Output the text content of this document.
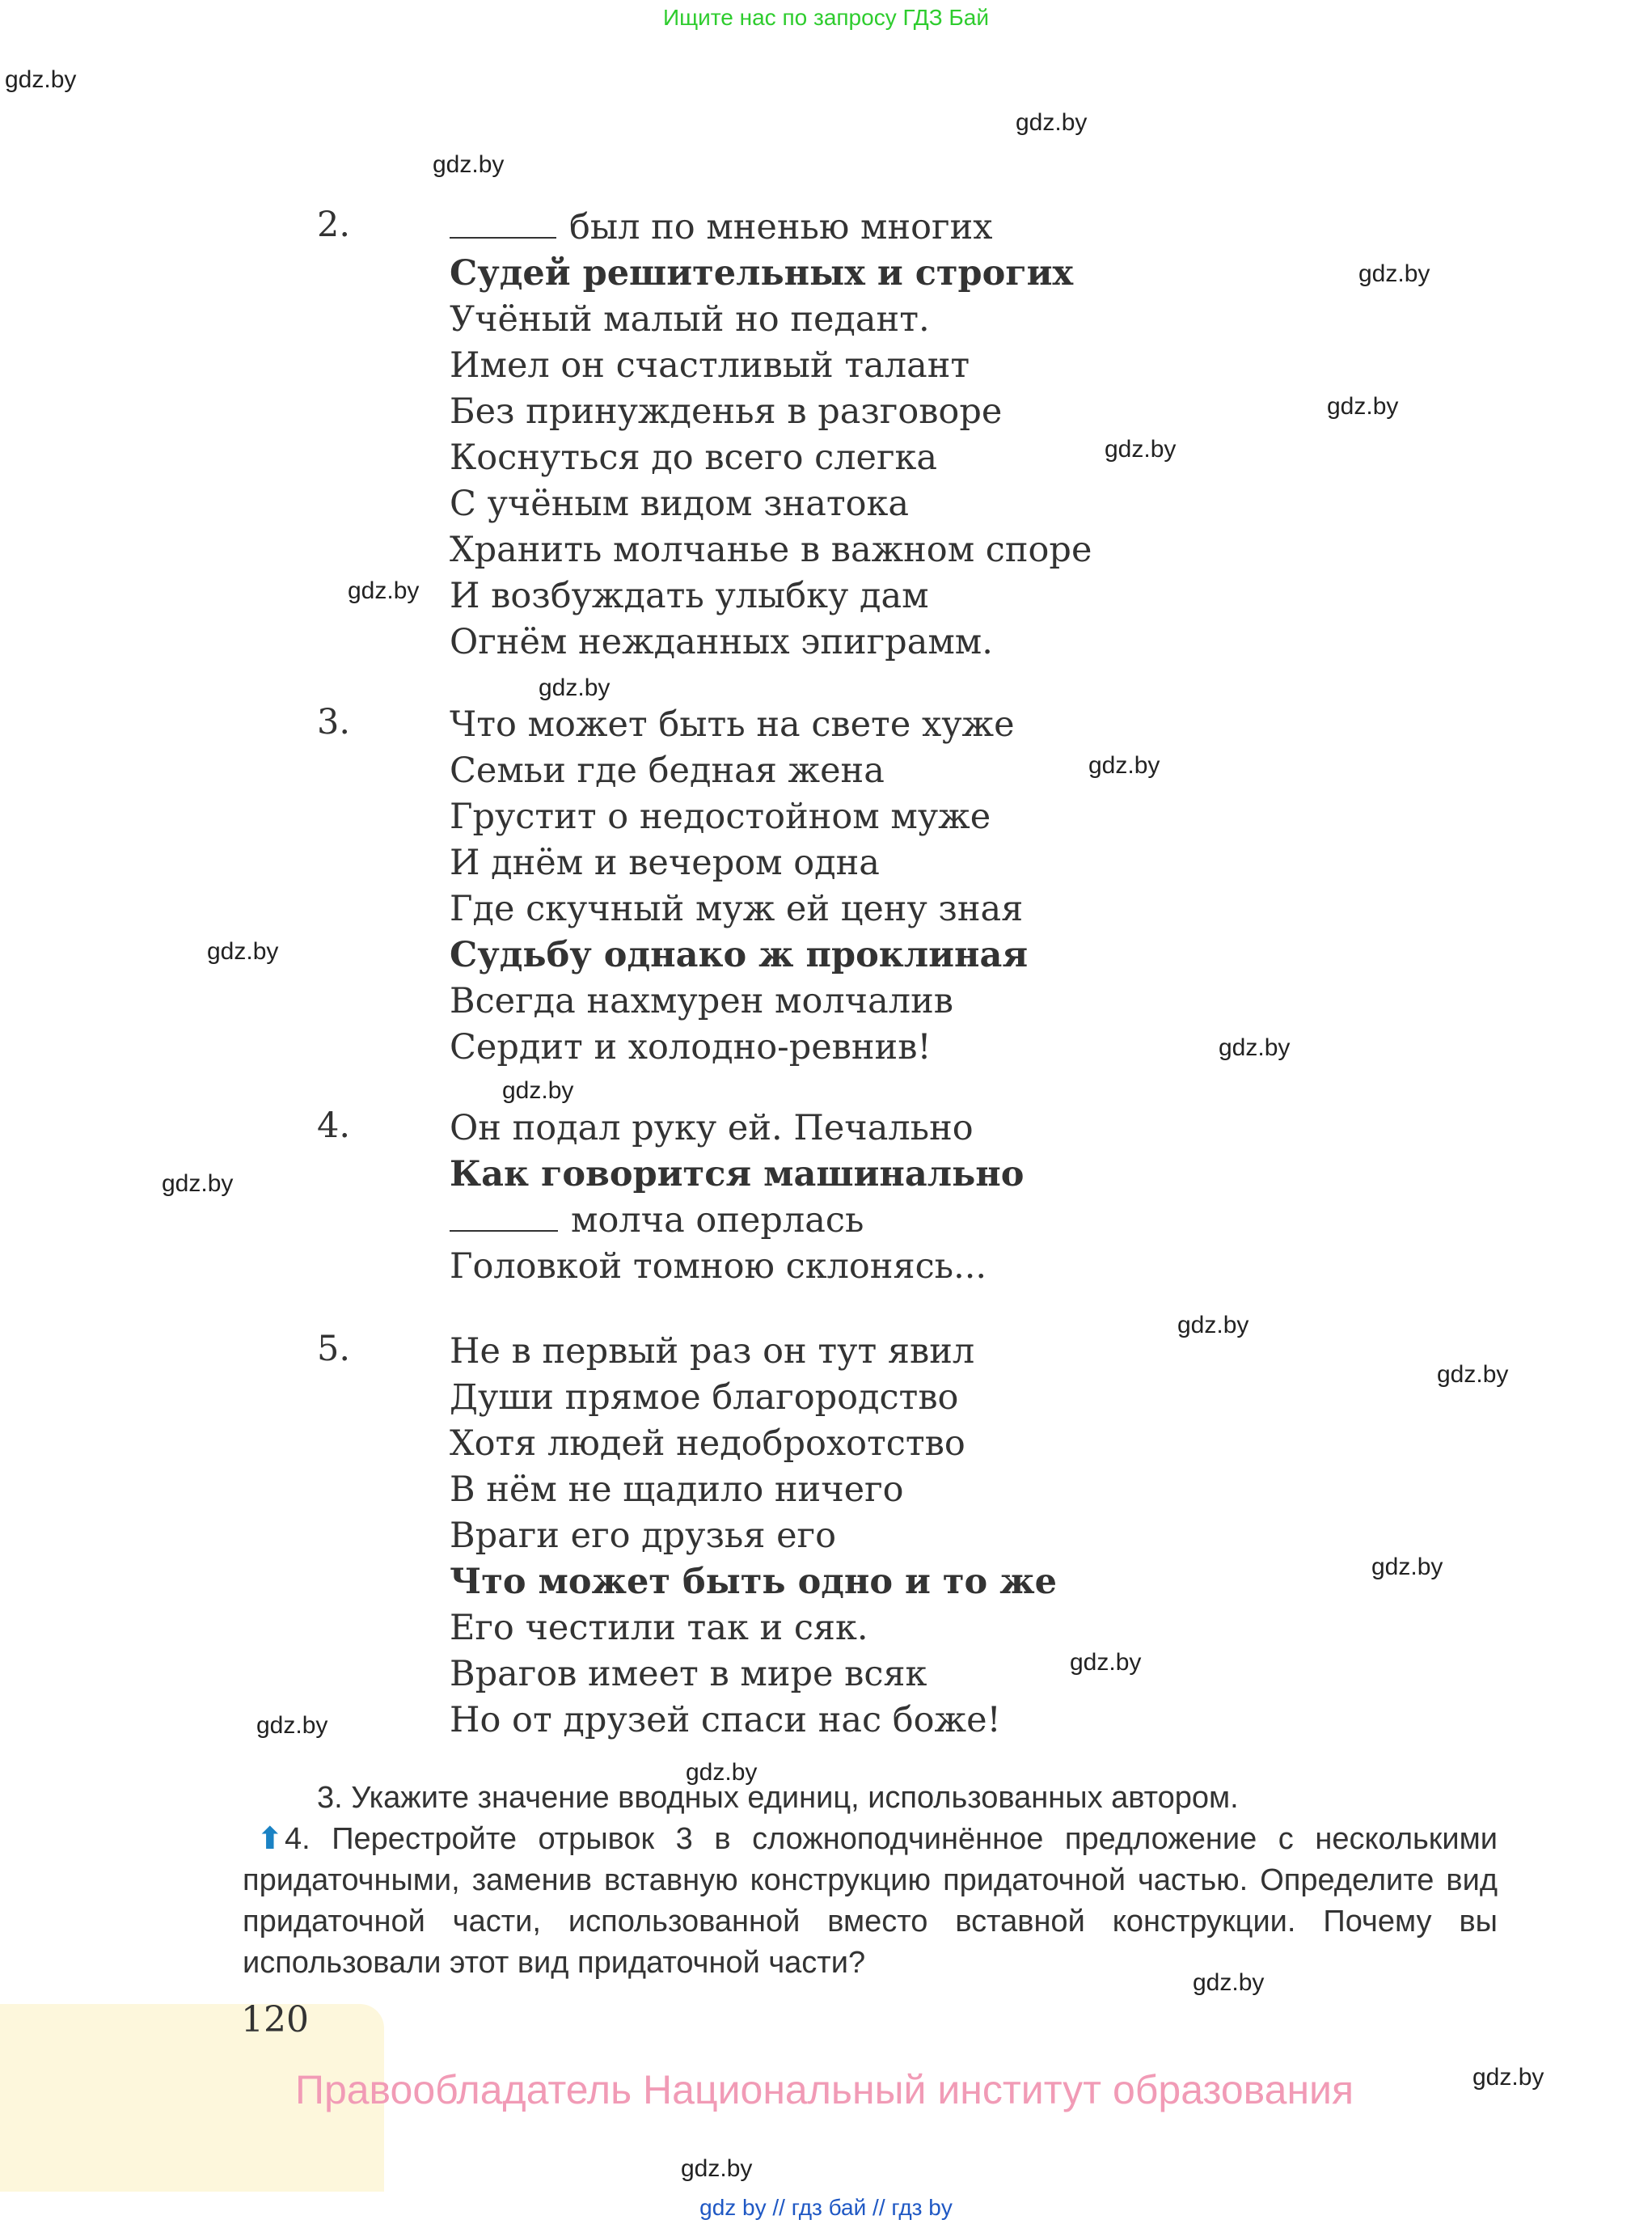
Ищите нас по запросу ГДЗ Бай
gdz.by
gdz.by
gdz.by
gdz.by
gdz.by
gdz.by
gdz.by
gdz.by
gdz.by
gdz.by
gdz.by
gdz.by
gdz.by
gdz.by
gdz.by
gdz.by
gdz.by
gdz.by
gdz.by
gdz.by
gdz.by
gdz.by
2.	был по мненью многих
Судей решительных и строгих
Учёный малый но педант.
Имел он счастливый талант
Без принужденья в разговоре
Коснуться до всего слегка
С учёным видом знатока
Хранить молчанье в важном споре
И возбуждать улыбку дам
Огнём нежданных эпиграмм.
3.	Что может быть на свете хуже
Семьи где бедная жена
Грустит о недостойном муже
И днём и вечером одна
Где скучный муж ей цену зная
Судьбу однако ж проклиная
Всегда нахмурен молчалив
Сердит и холодно-ревнив!
4.	Он подал руку ей. Печально
Как говорится машинально
молча оперлась
Головкой томною склонясь...
5.	Не в первый раз он тут явил
Души прямое благородство
Хотя людей недоброхотство
В нём не щадило ничего
Враги его друзья его
Что может быть одно и то же
Его честили так и сяк.
Врагов имеет в мире всяк
Но от друзей спаси нас боже!

3. Укажите значение вводных единиц, использованных автором.

⬆ 4. Перестройте отрывок 3 в сложноподчинённое предложение с несколькими придаточными, заменив вставную конструкцию придаточной частью. Определите вид придаточной части, использованной вместо вставной конструкции. Почему вы использовали этот вид придаточной части?

120
Правообладатель Национальный институт образования
gdz by // гдз бай // гдз by
